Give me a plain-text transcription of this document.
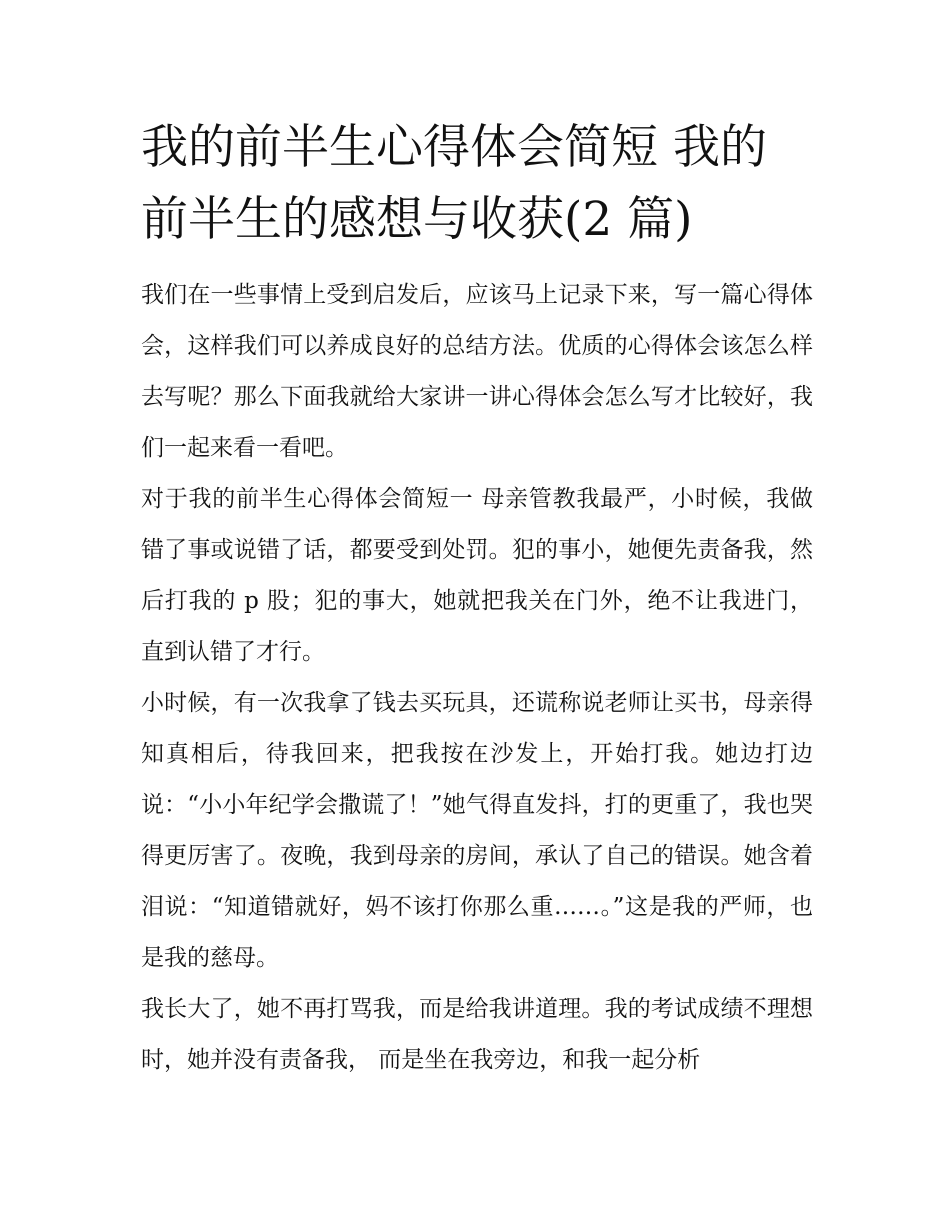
我的前半生心得体会简短 我的前半生的感想与收获(2 篇)

我们在一些事情上受到启发后，应该马上记录下来，写一篇心得体会，这样我们可以养成良好的总结方法。优质的心得体会该怎么样去写呢？那么下面我就给大家讲一讲心得体会怎么写才比较好，我们一起来看一看吧。

对于我的前半生心得体会简短一 母亲管教我最严，小时候，我做错了事或说错了话，都要受到处罚。犯的事小，她便先责备我，然后打我的 p 股；犯的事大，她就把我关在门外，绝不让我进门，直到认错了才行。

小时候，有一次我拿了钱去买玩具，还谎称说老师让买书，母亲得知真相后，待我回来，把我按在沙发上，开始打我。她边打边说：“小小年纪学会撒谎了！”她气得直发抖，打的更重了，我也哭得更厉害了。夜晚，我到母亲的房间，承认了自己的错误。她含着泪说：“知道错就好，妈不该打你那么重……。”这是我的严师，也是我的慈母。

我长大了，她不再打骂我，而是给我讲道理。我的考试成绩不理想时，她并没有责备我， 而是坐在我旁边，和我一起分析
